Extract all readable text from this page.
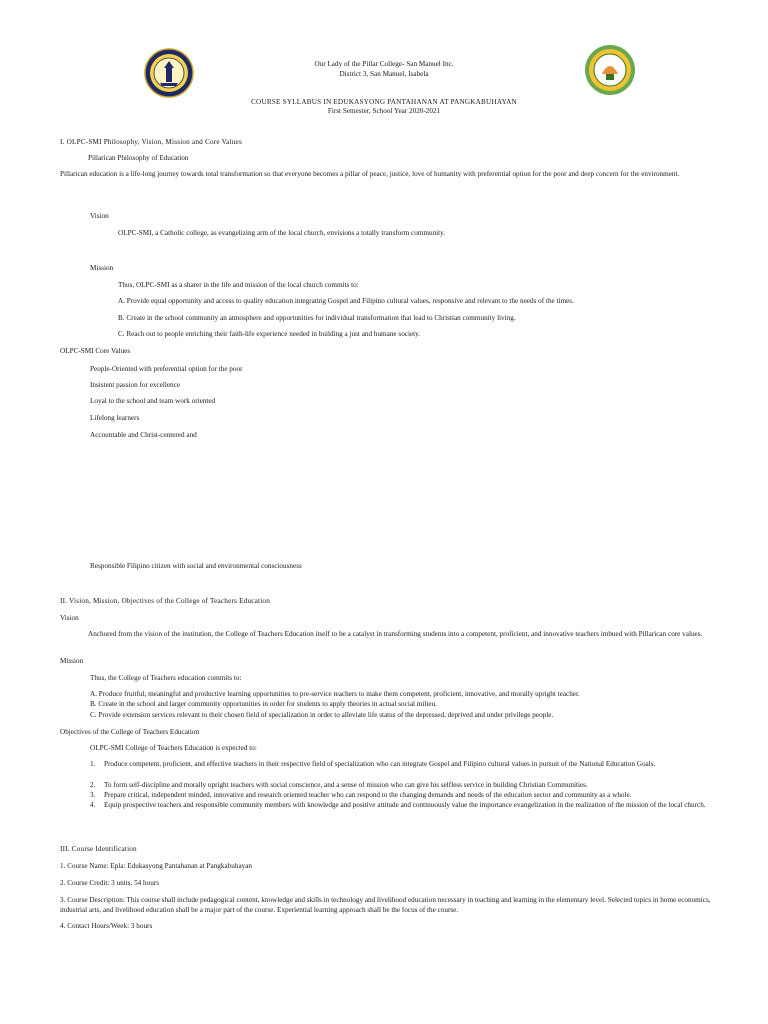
Our Lady of the Pillar College- San Manuel Inc.
District 3, San Manuel, Isabela
COURSE SYLLABUS IN EDUKASYONG PANTAHANAN AT PANGKABUHAYAN
First Semester, School Year 2020-2021
I. OLPC-SMI Philosophy, Vision, Mission and Core Values
Pillarican Philosophy of Education
Pillarican education is a life-long journey towards total transformation so that everyone becomes a pillar of peace, justice, love of humanity with preferential option for the poor and deep concern for the environment.
Vision
OLPC-SMI, a Catholic college, as evangelizing arm of the local church, envisions a totally transform community.
Mission
Thus, OLPC-SMI as a sharer in the life and mission of the local church commits to:
A. Provide equal opportunity and access to quality education integrating Gospel and Filipino cultural values, responsive and relevant to the needs of the times.
B. Create in the school community an atmosphere and opportunities for individual transformation that lead to Christian community living.
C. Reach out to people enriching their faith-life experience needed in building a just and humane society.
OLPC-SMI Core Values
People-Oriented with preferential option for the poor
Insistent passion for excellence
Loyal to the school and team work oriented
Lifelong learners
Accountable and Christ-centered and
Responsible Filipino citizen with social and environmental consciousness
II. Vision, Mission, Objectives of the College of Teachers Education
Vision
Anchored from the vision of the institution, the College of Teachers Education itself to be a catalyst in transforming students into a competent, proficient, and innovative teachers imbued with Pillarican core values.
Mission
Thus, the College of Teachers education commits to:
A. Produce fruitful, meaningful and productive learning opportunities to pre-service teachers to make them competent, proficient, innovative, and morally upright teacher.
B. Create in the school and larger community opportunities in order for students to apply theories in actual social milieu.
C. Provide extension services relevant to their chosen field of specialization in order to alleviate life status of the depressed, deprived and under privilege people.
Objectives of the College of Teachers Education
OLPC-SMI College of Teachers Education is expected to:
1. Produce competent, proficient, and effective teachers in their respective field of specialization who can integrate Gospel and Filipino cultural values in pursuit of the National Education Goals.
2. To form self-discipline and morally upright teachers with social conscience, and a sense of mission who can give his selfless service in building Christian Communities.
3. Prepare critical, independent minded, innovative and research oriented teacher who can respond to the changing demands and needs of the education sector and community as a whole.
4. Equip prospective teachers and responsible community members with knowledge and positive attitude and continuously value the importance evangelization in the realization of the mission of the local church.
III. Course Identification
1. Course Name: Epla: Edukasyong Pantahanan at Pangkabuhayan
2. Course Credit: 3 units, 54 hours
3. Course Description: This course shall include pedagogical content, knowledge and skills in technology and livelihood education necessary in teaching and learning in the elementary level. Selected topics in home economics, industrial arts, and livelihood education shall be a major part of the course. Experiential learning approach shall be the focus of the course.
4. Contact Hours/Week: 3 hours
